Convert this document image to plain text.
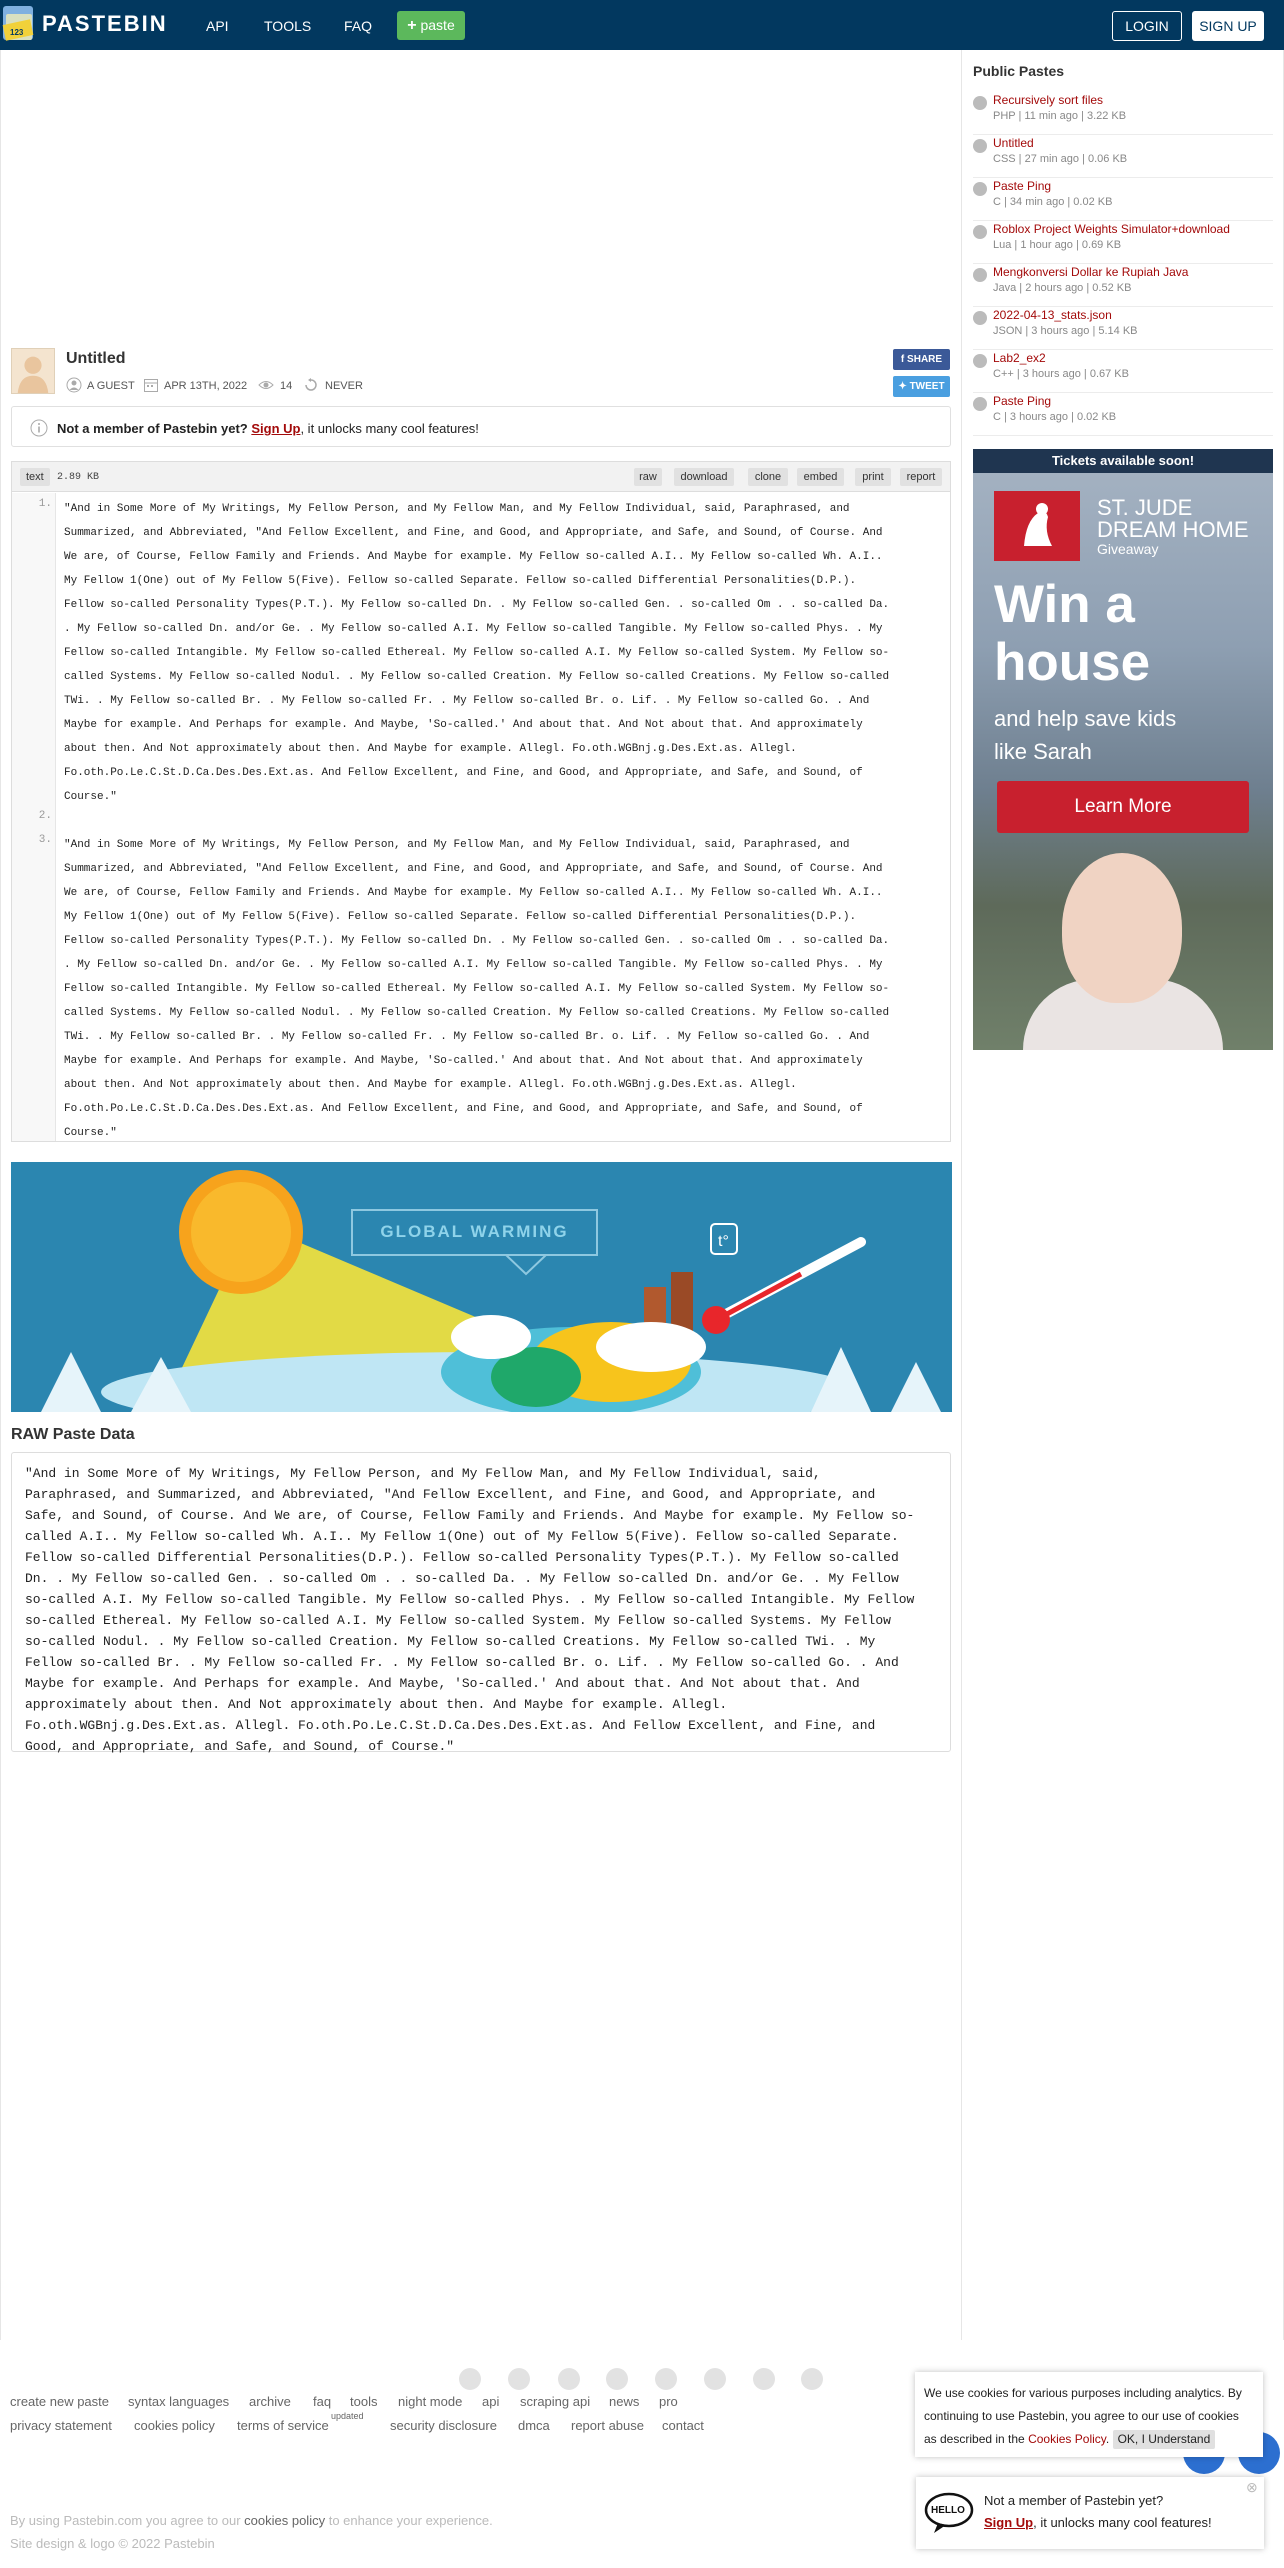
123 PASTEBIN	API	TOOLS FAQ	+ paste	LOGIN	SIGN UP
Untitled
A GUEST	APR 13TH, 2022	14	NEVER
f SHARE
✦ TWEET
Not a member of Pastebin yet? Sign Up, it unlocks many cool features!
text	2.89 KB	raw	download	clone	embed	print	report
1.
2.
3.
"And in Some More of My Writings, My Fellow Person, and My Fellow Man, and My Fellow Individual, said, Paraphrased, and
Summarized, and Abbreviated, "And Fellow Excellent, and Fine, and Good, and Appropriate, and Safe, and Sound, of Course. And
We are, of Course, Fellow Family and Friends. And Maybe for example. My Fellow so-called A.I.. My Fellow so-called Wh. A.I..
My Fellow 1(One) out of My Fellow 5(Five). Fellow so-called Separate. Fellow so-called Differential Personalities(D.P.).
Fellow so-called Personality Types(P.T.). My Fellow so-called Dn. . My Fellow so-called Gen. . so-called Om . . so-called Da.
. My Fellow so-called Dn. and/or Ge. . My Fellow so-called A.I. My Fellow so-called Tangible. My Fellow so-called Phys. . My
Fellow so-called Intangible. My Fellow so-called Ethereal. My Fellow so-called A.I. My Fellow so-called System. My Fellow so-
called Systems. My Fellow so-called Nodul. . My Fellow so-called Creation. My Fellow so-called Creations. My Fellow so-called
TWi. . My Fellow so-called Br. . My Fellow so-called Fr. . My Fellow so-called Br. o. Lif. . My Fellow so-called Go. . And
Maybe for example. And Perhaps for example. And Maybe, 'So-called.' And about that. And Not about that. And approximately
about then. And Not approximately about then. And Maybe for example. Allegl. Fo.oth.WGBnj.g.Des.Ext.as. Allegl.
Fo.oth.Po.Le.C.St.D.Ca.Des.Des.Ext.as. And Fellow Excellent, and Fine, and Good, and Appropriate, and Safe, and Sound, of
Course."
"And in Some More of My Writings, My Fellow Person, and My Fellow Man, and My Fellow Individual, said, Paraphrased, and
Summarized, and Abbreviated, "And Fellow Excellent, and Fine, and Good, and Appropriate, and Safe, and Sound, of Course. And
We are, of Course, Fellow Family and Friends. And Maybe for example. My Fellow so-called A.I.. My Fellow so-called Wh. A.I..
My Fellow 1(One) out of My Fellow 5(Five). Fellow so-called Separate. Fellow so-called Differential Personalities(D.P.).
Fellow so-called Personality Types(P.T.). My Fellow so-called Dn. . My Fellow so-called Gen. . so-called Om . . so-called Da.
. My Fellow so-called Dn. and/or Ge. . My Fellow so-called A.I. My Fellow so-called Tangible. My Fellow so-called Phys. . My
Fellow so-called Intangible. My Fellow so-called Ethereal. My Fellow so-called A.I. My Fellow so-called System. My Fellow so-
called Systems. My Fellow so-called Nodul. . My Fellow so-called Creation. My Fellow so-called Creations. My Fellow so-called
TWi. . My Fellow so-called Br. . My Fellow so-called Fr. . My Fellow so-called Br. o. Lif. . My Fellow so-called Go. . And
Maybe for example. And Perhaps for example. And Maybe, 'So-called.' And about that. And Not about that. And approximately
about then. And Not approximately about then. And Maybe for example. Allegl. Fo.oth.WGBnj.g.Des.Ext.as. Allegl.
Fo.oth.Po.Le.C.St.D.Ca.Des.Des.Ext.as. And Fellow Excellent, and Fine, and Good, and Appropriate, and Safe, and Sound, of
Course."
t°
GLOBAL WARMING
RAW Paste Data
"And in Some More of My Writings, My Fellow Person, and My Fellow Man, and My Fellow Individual, said,
Paraphrased, and Summarized, and Abbreviated, "And Fellow Excellent, and Fine, and Good, and Appropriate, and
Safe, and Sound, of Course. And We are, of Course, Fellow Family and Friends. And Maybe for example. My Fellow so-
called A.I.. My Fellow so-called Wh. A.I.. My Fellow 1(One) out of My Fellow 5(Five). Fellow so-called Separate.
Fellow so-called Differential Personalities(D.P.). Fellow so-called Personality Types(P.T.). My Fellow so-called
Dn. . My Fellow so-called Gen. . so-called Om . . so-called Da. . My Fellow so-called Dn. and/or Ge. . My Fellow
so-called A.I. My Fellow so-called Tangible. My Fellow so-called Phys. . My Fellow so-called Intangible. My Fellow
so-called Ethereal. My Fellow so-called A.I. My Fellow so-called System. My Fellow so-called Systems. My Fellow
so-called Nodul. . My Fellow so-called Creation. My Fellow so-called Creations. My Fellow so-called TWi. . My
Fellow so-called Br. . My Fellow so-called Fr. . My Fellow so-called Br. o. Lif. . My Fellow so-called Go. . And
Maybe for example. And Perhaps for example. And Maybe, 'So-called.' And about that. And Not about that. And
approximately about then. And Not approximately about then. And Maybe for example. Allegl.
Fo.oth.WGBnj.g.Des.Ext.as. Allegl. Fo.oth.Po.Le.C.St.D.Ca.Des.Des.Ext.as. And Fellow Excellent, and Fine, and
Good, and Appropriate, and Safe, and Sound, of Course."
Public Pastes
Recursively sort files
PHP | 11 min ago | 3.22 KB
Untitled
CSS | 27 min ago | 0.06 KB
Paste Ping
C | 34 min ago | 0.02 KB
Roblox Project Weights Simulator+download
Lua | 1 hour ago | 0.69 KB
Mengkonversi Dollar ke Rupiah Java
Java | 2 hours ago | 0.52 KB
2022-04-13_stats.json
JSON | 3 hours ago | 5.14 KB
Lab2_ex2
C++ | 3 hours ago | 0.67 KB
Paste Ping
C | 3 hours ago | 0.02 KB
Tickets available soon!
ST. JUDE
DREAM HOME
Giveaway
Win a
house
and help save kids
like Sarah
Learn More
create new paste syntax languages archive faq tools night mode api scraping api news pro
privacy statement cookies policy terms of service	security disclosure dmca report abuse contact
updated
By using Pastebin.com you agree to our cookies policy to enhance your experience.
Site design & logo © 2022 Pastebin
We use cookies for various purposes including analytics. By continuing to use Pastebin, you agree to our use of cookies as described in the Cookies Policy. OK, I Understand
HELLO
⊗
Not a member of Pastebin yet?
Sign Up, it unlocks many cool features!
